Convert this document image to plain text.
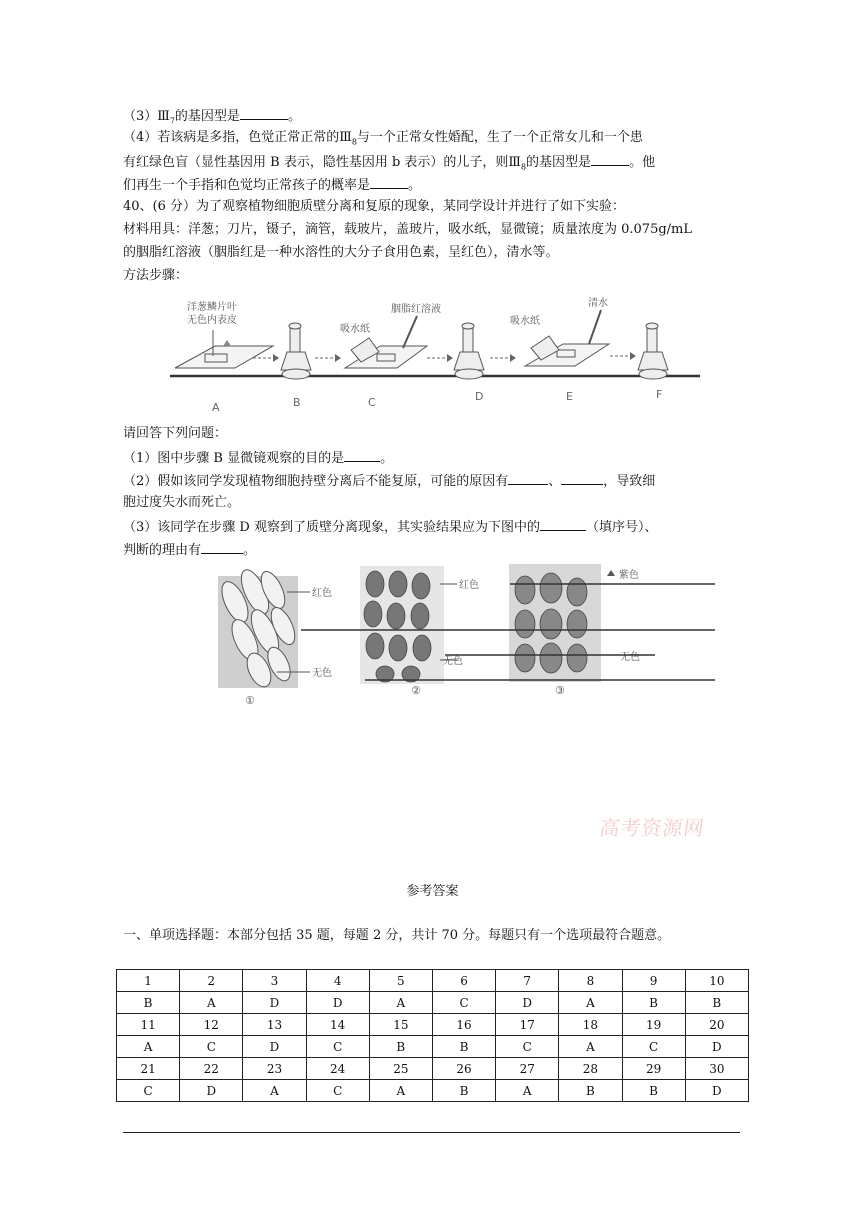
$(3)Ⅲ_7$的基因型是	。
（4）若该病是多指，色觉正常正常的$Ⅲ_8$与一个正常女性婚配，生了一个正常女儿和一个患
有红绿色盲（显性基因用 B 表示，隐性基因用 b 表示）的儿子，则$Ⅲ_8$的基因型是	。他
们再生一个手指和色觉均正常孩子的概率是	。
40、(6 分）为了观察植物细胞质壁分离和复原的现象，某同学设计并进行了如下实验：
材料用具：洋葱；刀片，镊子，滴管，载玻片，盖玻片，吸水纸，显微镜；质量浓度为 0.075g/mL
的胭脂红溶液（胭脂红是一种水溶性的大分子食用色素，呈红色），清水等。
方法步骤：
洋葱鳞片叶
无色内表皮
吸水纸
胭脂红溶液
吸水纸
清水
A	B	C	D	E	F
请回答下列问题：
（1）图中步骤 B 显微镜观察的目的是	。
（2）假如该同学发现植物细胞持壁分离后不能复原，可能的原因有	、	，导致细
胞过度失水而死亡。
（3）该同学在步骤 D 观察到了质壁分离现象，其实验结果应为下图中的	（填序号）、
判断的理由有	。
红色
无色
①
红色
无色
②
紫色
无色
③
高考资源网
参考答案
一、单项选择题：本部分包括 35 题，每题 2 分，共计 70 分。每题只有一个选项最符合题意。
1	2	3	4	5	6	7	8	9	10
B	A	D	D	A	C	D	A	B	B
11	12	13	14	15	16	17	18	19	20
A	C	D	C	B	B	C	A	C	D
21	22	23	24	25	26	27	28	29	30
C	D	A	C	A	B	A	B	B	D
